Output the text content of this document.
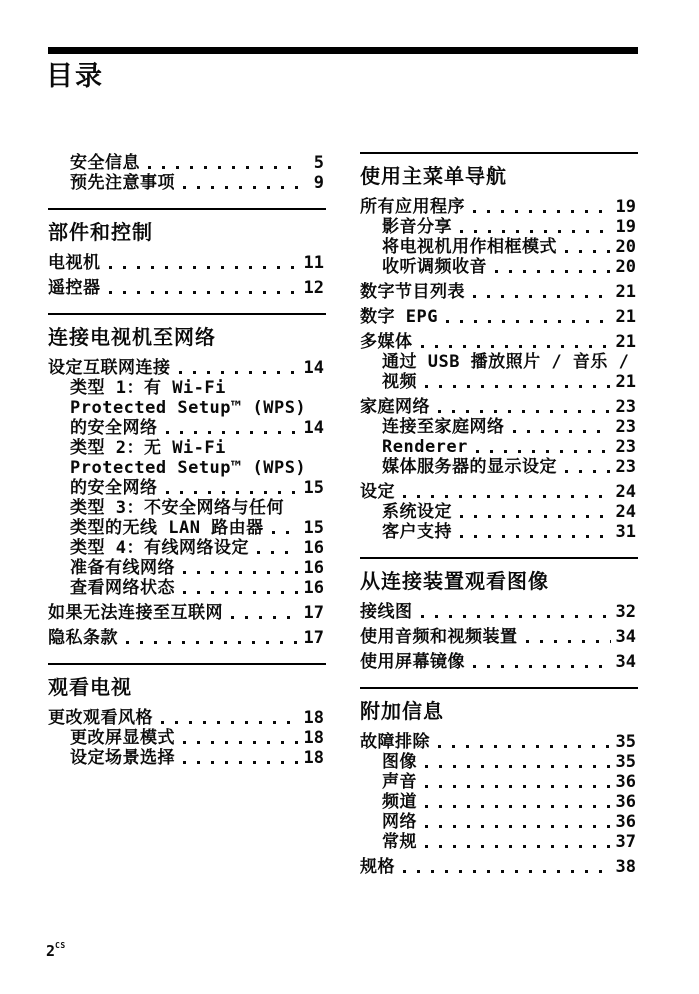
目录
安全信息	5
预先注意事项	9
部件和控制
电视机	11
遥控器	12
连接电视机至网络
设定互联网连接	14
类型 1：有 Wi-Fi
Protected Setup™ (WPS)
的安全网络	14
类型 2：无 Wi-Fi
Protected Setup™ (WPS)
的安全网络	15
类型 3：不安全网络与任何
类型的无线 LAN 路由器 15
类型 4：有线网络设定	16
准备有线网络	16
查看网络状态	16
如果无法连接至互联网	17
隐私条款	17
观看电视
更改观看风格	18
更改屏显模式	18
设定场景选择	18
使用主菜单导航
所有应用程序	19
影音分享	19
将电视机用作相框模式	20
收听调频收音	20
数字节目列表	21
数字 EPG	21
多媒体	21
通过 USB 播放照片 / 音乐 /
视频	21
家庭网络	23
连接至家庭网络	23
Renderer	23
媒体服务器的显示设定	23
设定	24
系统设定	24
客户支持	31
从连接装置观看图像
接线图	32
使用音频和视频装置	34
使用屏幕镜像	34
附加信息
故障排除	35
图像	35
声音	36
频道	36
网络	36
常规	37
规格	38
$2^{CS}$
